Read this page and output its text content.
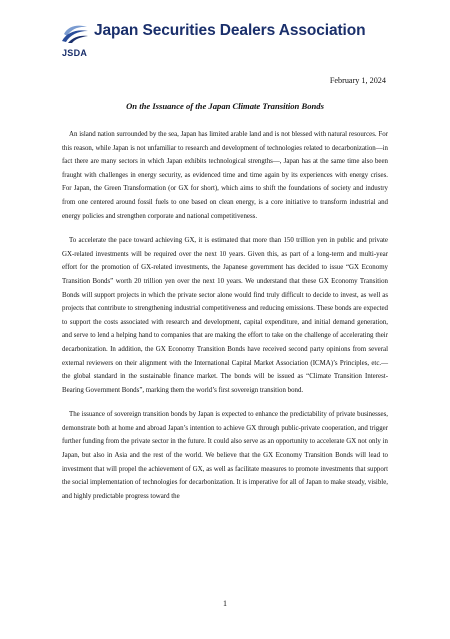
Japan Securities Dealers Association
JSDA
February 1, 2024
On the Issuance of the Japan Climate Transition Bonds

An island nation surrounded by the sea, Japan has limited arable land and is not blessed with natural resources. For this reason, while Japan is not unfamiliar to research and development of technologies related to decarbonization—in fact there are many sectors in which Japan exhibits technological strengths—, Japan has at the same time also been fraught with challenges in energy security, as evidenced time and time again by its experiences with energy crises. For Japan, the Green Transformation (or GX for short), which aims to shift the foundations of society and industry from one centered around fossil fuels to one based on clean energy, is a core initiative to transform industrial and energy policies and strengthen corporate and national competitiveness.

To accelerate the pace toward achieving GX, it is estimated that more than 150 trillion yen in public and private GX-related investments will be required over the next 10 years. Given this, as part of a long-term and multi-year effort for the promotion of GX-related investments, the Japanese government has decided to issue “GX Economy Transition Bonds” worth 20 trillion yen over the next 10 years. We understand that these GX Economy Transition Bonds will support projects in which the private sector alone would find truly difficult to decide to invest, as well as projects that contribute to strengthening industrial competitiveness and reducing emissions. These bonds are expected to support the costs associated with research and development, capital expenditure, and initial demand generation, and serve to lend a helping hand to companies that are making the effort to take on the challenge of accelerating their decarbonization. In addition, the GX Economy Transition Bonds have received second party opinions from several external reviewers on their alignment with the International Capital Market Association (ICMA)’s Principles, etc.—the global standard in the sustainable finance market. The bonds will be issued as “Climate Transition Interest-Bearing Government Bonds”, marking them the world’s first sovereign transition bond.

The issuance of sovereign transition bonds by Japan is expected to enhance the predictability of private businesses, demonstrate both at home and abroad Japan’s intention to achieve GX through public-private cooperation, and trigger further funding from the private sector in the future. It could also serve as an opportunity to accelerate GX not only in Japan, but also in Asia and the rest of the world. We believe that the GX Economy Transition Bonds will lead to investment that will propel the achievement of GX, as well as facilitate measures to promote investments that support the social implementation of technologies for decarbonization. It is imperative for all of Japan to make steady, visible, and highly predictable progress toward the

1
